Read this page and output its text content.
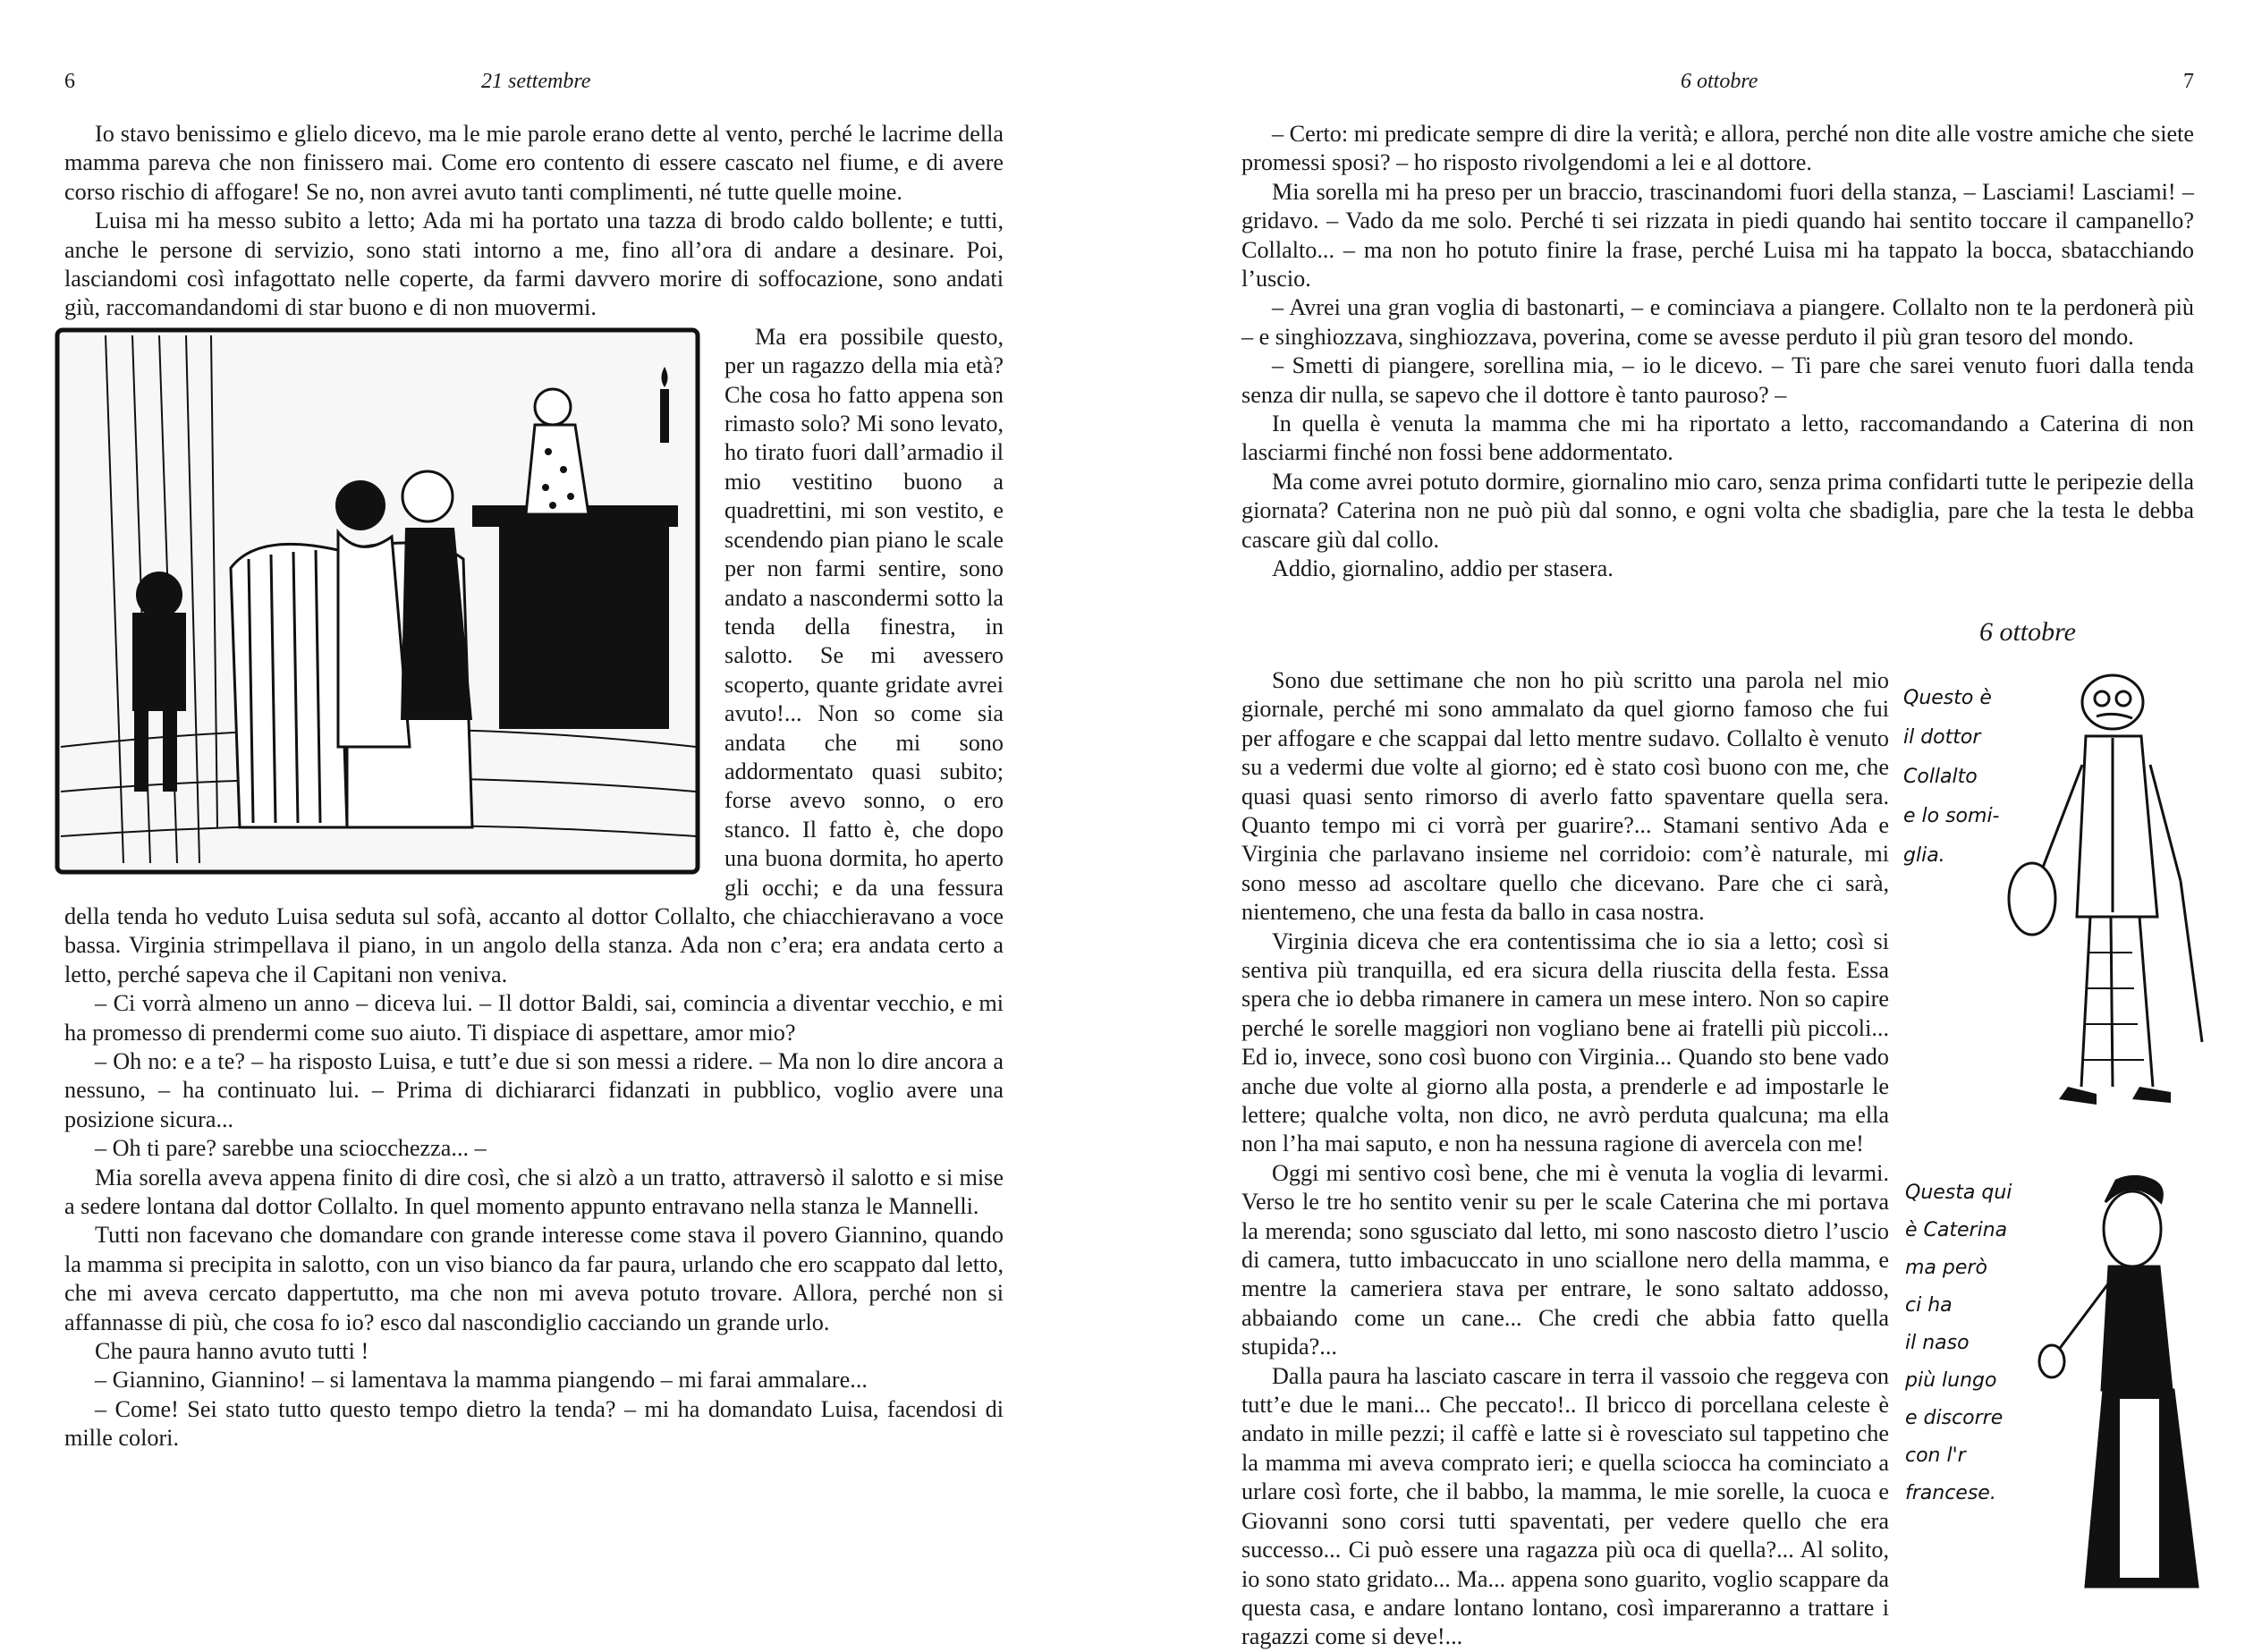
6	21 settembre

Io stavo benissimo e glielo dicevo, ma le mie parole erano dette al vento, perché le lacrime della mamma pareva che non finissero mai. Come ero contento di essere cascato nel fiume, e di avere corso rischio di affogare! Se no, non avrei avuto tanti complimenti, né tutte quelle moine.

Luisa mi ha messo subito a letto; Ada mi ha portato una tazza di brodo caldo bollente; e tutti, anche le persone di servizio, sono stati intorno a me, fino all’ora di andare a desinare. Poi, lasciandomi così infagottato nelle coperte, da farmi davvero morire di soffocazione, sono andati giù, raccomandandomi di star buono e di non muovermi.

Ma era possibile questo, per un ragazzo della mia età? Che cosa ho fatto appena son rimasto solo? Mi sono levato, ho tirato fuori dall’armadio il mio vestitino buono a quadrettini, mi son vestito, e scendendo pian piano le scale per non farmi sentire, sono andato a nascondermi sotto la tenda della finestra, in salotto. Se mi avessero scoperto, quante gridate avrei avuto!... Non so come sia andata che mi sono addormentato quasi subito; forse avevo sonno, o ero stanco. Il fatto è, che dopo una buona dormita, ho aperto gli occhi; e da una fessura della tenda ho veduto Luisa seduta sul sofà, accanto al dottor Collalto, che chiacchieravano a voce bassa. Virginia strimpellava il piano, in un angolo della stanza. Ada non c’era; era andata certo a letto, perché sapeva che il Capitani non veniva.

– Ci vorrà almeno un anno – diceva lui. – Il dottor Baldi, sai, comincia a diventar vecchio, e mi ha promesso di prendermi come suo aiuto. Ti dispiace di aspettare, amor mio?

– Oh no: e a te? – ha risposto Luisa, e tutt’e due si son messi a ridere. – Ma non lo dire ancora a nessuno, – ha continuato lui. – Prima di dichiararci fidanzati in pubblico, voglio avere una posizione sicura...

– Oh ti pare? sarebbe una sciocchezza... –

Mia sorella aveva appena finito di dire così, che si alzò a un tratto, attraversò il salotto e si mise a sedere lontana dal dottor Collalto. In quel momento appunto entravano nella stanza le Mannelli.

Tutti non facevano che domandare con grande interesse come stava il povero Giannino, quando la mamma si precipita in salotto, con un viso bianco da far paura, urlando che ero scappato dal letto, che mi aveva cercato dappertutto, ma che non mi aveva potuto trovare. Allora, perché non si affannasse di più, che cosa fo io? esco dal nascondiglio cacciando un grande urlo.

Che paura hanno avuto tutti !

– Giannino, Giannino! – si lamentava la mamma piangendo – mi farai ammalare...

– Come! Sei stato tutto questo tempo dietro la tenda? – mi ha domandato Luisa, facendosi di mille colori.

6 ottobre	7

– Certo: mi predicate sempre di dire la verità; e allora, perché non dite alle vostre amiche che siete promessi sposi? – ho risposto rivolgendomi a lei e al dottore.

Mia sorella mi ha preso per un braccio, trascinandomi fuori della stanza, – Lasciami! Lasciami! – gridavo. – Vado da me solo. Perché ti sei rizzata in piedi quando hai sentito toccare il campanello? Collalto... – ma non ho potuto finire la frase, perché Luisa mi ha tappato la bocca, sbatacchiando l’uscio.

– Avrei una gran voglia di bastonarti, – e cominciava a piangere. Collalto non te la perdonerà più – e singhiozzava, singhiozzava, poverina, come se avesse perduto il più gran tesoro del mondo.

– Smetti di piangere, sorellina mia, – io le dicevo. – Ti pare che sarei venuto fuori dalla tenda senza dir nulla, se sapevo che il dottore è tanto pauroso? –

In quella è venuta la mamma che mi ha riportato a letto, raccomandando a Caterina di non lasciarmi finché non fossi bene addormentato.

Ma come avrei potuto dormire, giornalino mio caro, senza prima confidarti tutte le peripezie della giornata? Caterina non ne può più dal sonno, e ogni volta che sbadiglia, pare che la testa le debba cascare giù dal collo.

Addio, giornalino, addio per stasera.

6 ottobre

Questo è
il dottor
Collalto
e lo somi-
glia.

Sono due settimane che non ho più scritto una parola nel mio giornale, perché mi sono ammalato da quel giorno famoso che fui per affogare e che scappai dal letto mentre sudavo. Collalto è venuto su a vedermi due volte al giorno; ed è stato così buono con me, che quasi quasi sento rimorso di averlo fatto spaventare quella sera. Quanto tempo mi ci vorrà per guarire?... Stamani sentivo Ada e Virginia che parlavano insieme nel corridoio: com’è naturale, mi sono messo ad ascoltare quello che dicevano. Pare che ci sarà, nientemeno, che una festa da ballo in casa nostra.

Virginia diceva che era contentissima che io sia a letto; così si sentiva più tranquilla, ed era sicura della riuscita della festa. Essa spera che io debba rimanere in camera un mese intero. Non so capire perché le sorelle maggiori non vogliano bene ai fratelli più piccoli... Ed io, invece, sono così buono con Virginia... Quando sto bene vado anche due volte al giorno alla posta, a prenderle e ad impostarle le lettere; qualche volta, non dico, ne avrò perduta qualcuna; ma ella non l’ha mai saputo, e non ha nessuna ragione di avercela con me!

Questa qui
è Caterina
ma però
ci ha
il naso
più lungo
e discorre
con l'r
francese.

Oggi mi sentivo così bene, che mi è venuta la voglia di levarmi. Verso le tre ho sentito venir su per le scale Caterina che mi portava la merenda; sono sgusciato dal letto, mi sono nascosto dietro l’uscio di camera, tutto imbacuccato in uno sciallone nero della mamma, e mentre la cameriera stava per entrare, le sono saltato addosso, abbaiando come un cane... Che credi che abbia fatto quella stupida?...

Dalla paura ha lasciato cascare in terra il vassoio che reggeva con tutt’e due le mani... Che peccato!.. Il bricco di porcellana celeste è andato in mille pezzi; il caffè e latte si è rovesciato sul tappetino che la mamma mi aveva comprato ieri; e quella sciocca ha cominciato a urlare così forte, che il babbo, la mamma, le mie sorelle, la cuoca e Giovanni sono corsi tutti spaventati, per vedere quello che era successo... Ci può essere una ragazza più oca di quella?... Al solito, io sono stato gridato... Ma... appena sono guarito, voglio scappare da questa casa, e andare lontano lontano, così impareranno a trattare i ragazzi come si deve!...
